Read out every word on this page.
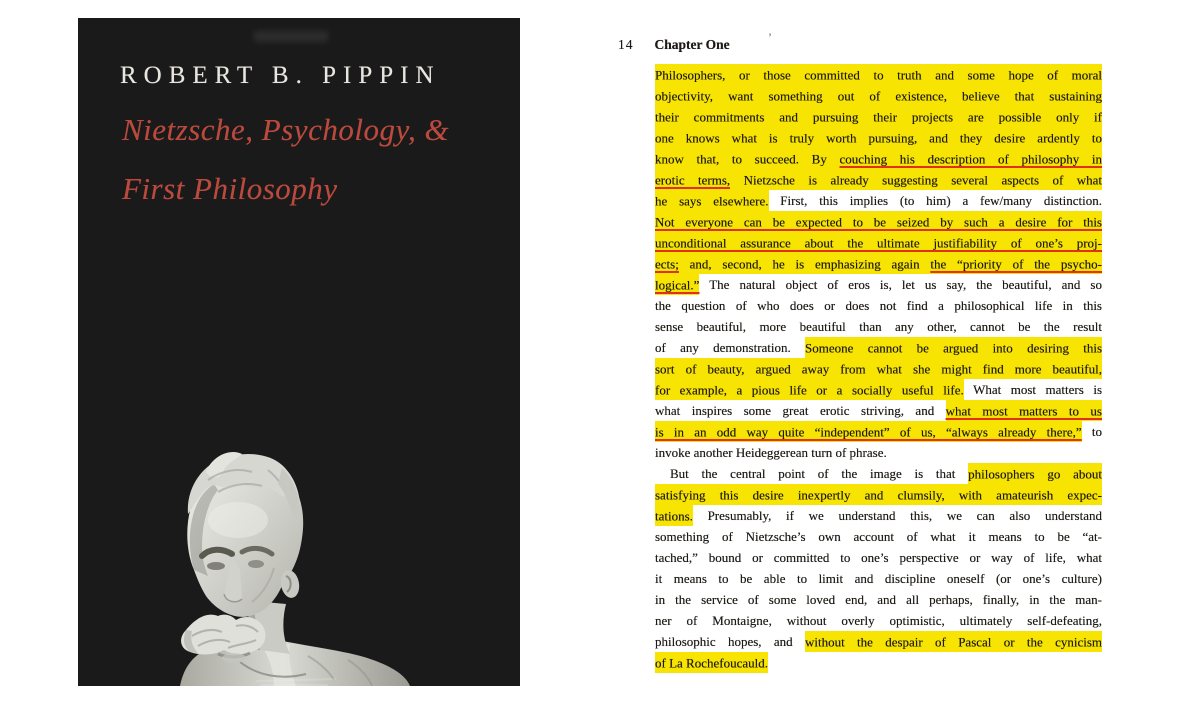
ROBERT B. PIPPIN
Nietzsche, Psychology, &
First Philosophy
14 Chapter One	’
Philosophers, or those committed to truth and some hope of moral
objectivity, want something out of existence, believe that sustaining
their commitments and pursuing their projects are possible only if
one knows what is truly worth pursuing, and they desire ardently to
know that, to succeed. By couching his description of philosophy in
erotic terms, Nietzsche is already suggesting several aspects of what
he says elsewhere. First, this implies (to him) a few/many distinction.
Not everyone can be expected to be seized by such a desire for this
unconditional assurance about the ultimate justifiability of one’s proj-
ects; and, second, he is emphasizing again the “priority of the psycho-
logical.” The natural object of eros is, let us say, the beautiful, and so
the question of who does or does not find a philosophical life in this
sense beautiful, more beautiful than any other, cannot be the result
of any demonstration. Someone cannot be argued into desiring this
sort of beauty, argued away from what she might find more beautiful,
for example, a pious life or a socially useful life. What most matters is
what inspires some great erotic striving, and what most matters to us
is in an odd way quite “independent” of us, “always already there,” to
invoke another Heideggerean turn of phrase.
But the central point of the image is that philosophers go about
satisfying this desire inexpertly and clumsily, with amateurish expec-
tations. Presumably, if we understand this, we can also understand
something of Nietzsche’s own account of what it means to be “at-
tached,” bound or committed to one’s perspective or way of life, what
it means to be able to limit and discipline oneself (or one’s culture)
in the service of some loved end, and all perhaps, finally, in the man-
ner of Montaigne, without overly optimistic, ultimately self-defeating,
philosophic hopes, and without the despair of Pascal or the cynicism
of La Rochefoucauld.
